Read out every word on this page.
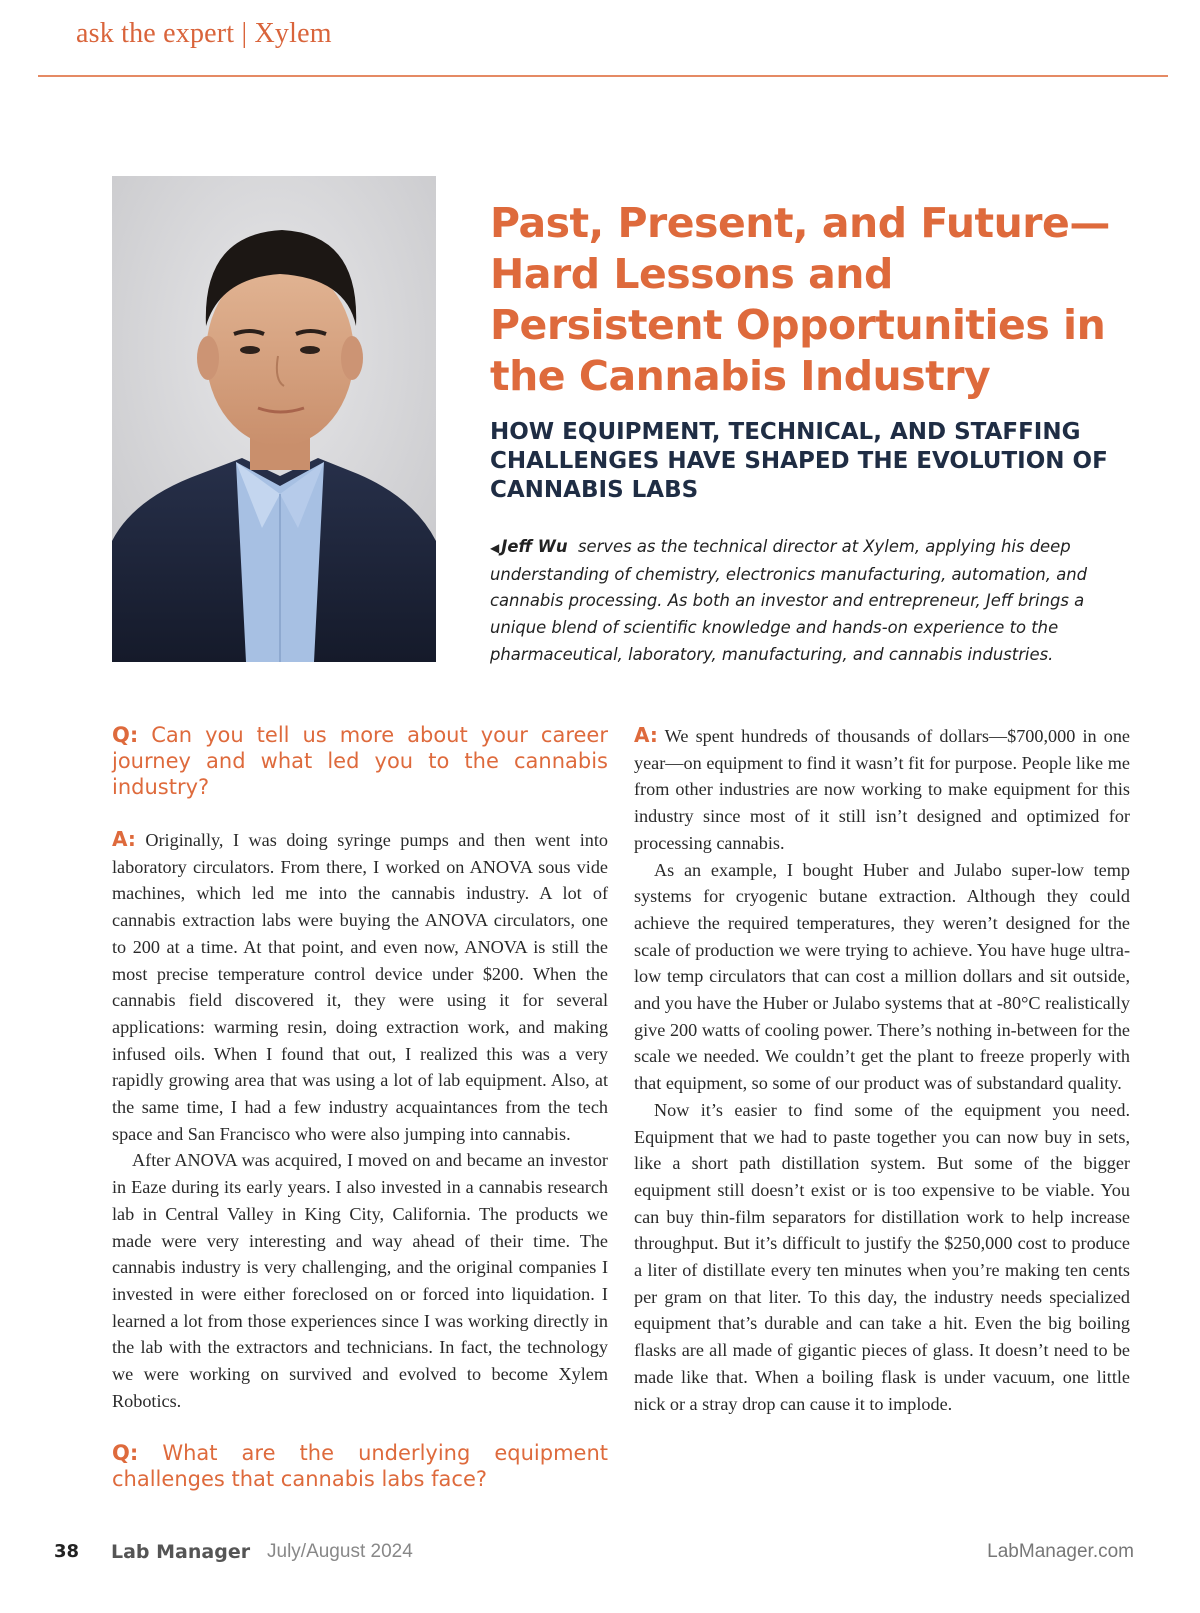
ask the expert | Xylem
Past, Present, and Future— Hard Lessons and Persistent Opportunities in the Cannabis Industry
HOW EQUIPMENT, TECHNICAL, AND STAFFING CHALLENGES HAVE SHAPED THE EVOLUTION OF CANNABIS LABS

◀ Jeff Wu serves as the technical director at Xylem, applying his deep understanding of chemistry, electronics manufacturing, automation, and cannabis processing. As both an investor and entrepreneur, Jeff brings a unique blend of scientific knowledge and hands-on experience to the pharmaceutical, laboratory, manufacturing, and cannabis industries.

Q: Can you tell us more about your career journey and what led you to the cannabis industry?

A: Originally, I was doing syringe pumps and then went into laboratory circulators. From there, I worked on ANOVA sous vide machines, which led me into the cannabis industry. A lot of cannabis extraction labs were buying the ANOVA circulators, one to 200 at a time. At that point, and even now, ANOVA is still the most precise temperature control device under $200. When the cannabis field discovered it, they were using it for several applications: warming resin, doing extraction work, and making infused oils. When I found that out, I realized this was a very rapidly growing area that was using a lot of lab equipment. Also, at the same time, I had a few industry acquaintances from the tech space and San Francisco who were also jumping into cannabis.

After ANOVA was acquired, I moved on and became an investor in Eaze during its early years. I also invested in a cannabis research lab in Central Valley in King City, California. The products we made were very interesting and way ahead of their time. The cannabis industry is very challenging, and the original companies I invested in were either foreclosed on or forced into liquidation. I learned a lot from those experiences since I was working directly in the lab with the extractors and technicians. In fact, the technology we were working on survived and evolved to become Xylem Robotics.

Q: What are the underlying equipment challenges that cannabis labs face?

A: We spent hundreds of thousands of dollars—$700,000 in one year—on equipment to find it wasn’t fit for purpose. People like me from other industries are now working to make equipment for this industry since most of it still isn’t designed and optimized for processing cannabis.

As an example, I bought Huber and Julabo super-low temp systems for cryogenic butane extraction. Although they could achieve the required temperatures, they weren’t designed for the scale of production we were trying to achieve. You have huge ultra-low temp circulators that can cost a million dollars and sit outside, and you have the Huber or Julabo systems that at -80°C realistically give 200 watts of cooling power. There’s nothing in-between for the scale we needed. We couldn’t get the plant to freeze properly with that equipment, so some of our product was of substandard quality.

Now it’s easier to find some of the equipment you need. Equipment that we had to paste together you can now buy in sets, like a short path distillation system. But some of the bigger equipment still doesn’t exist or is too expensive to be viable. You can buy thin-film separators for distillation work to help increase throughput. But it’s difficult to justify the $250,000 cost to produce a liter of distillate every ten minutes when you’re making ten cents per gram on that liter. To this day, the industry needs specialized equipment that’s durable and can take a hit. Even the big boiling flasks are all made of gigantic pieces of glass. It doesn’t need to be made like that. When a boiling flask is under vacuum, one little nick or a stray drop can cause it to implode.

38 Lab Manager July/August 2024	LabManager.com
